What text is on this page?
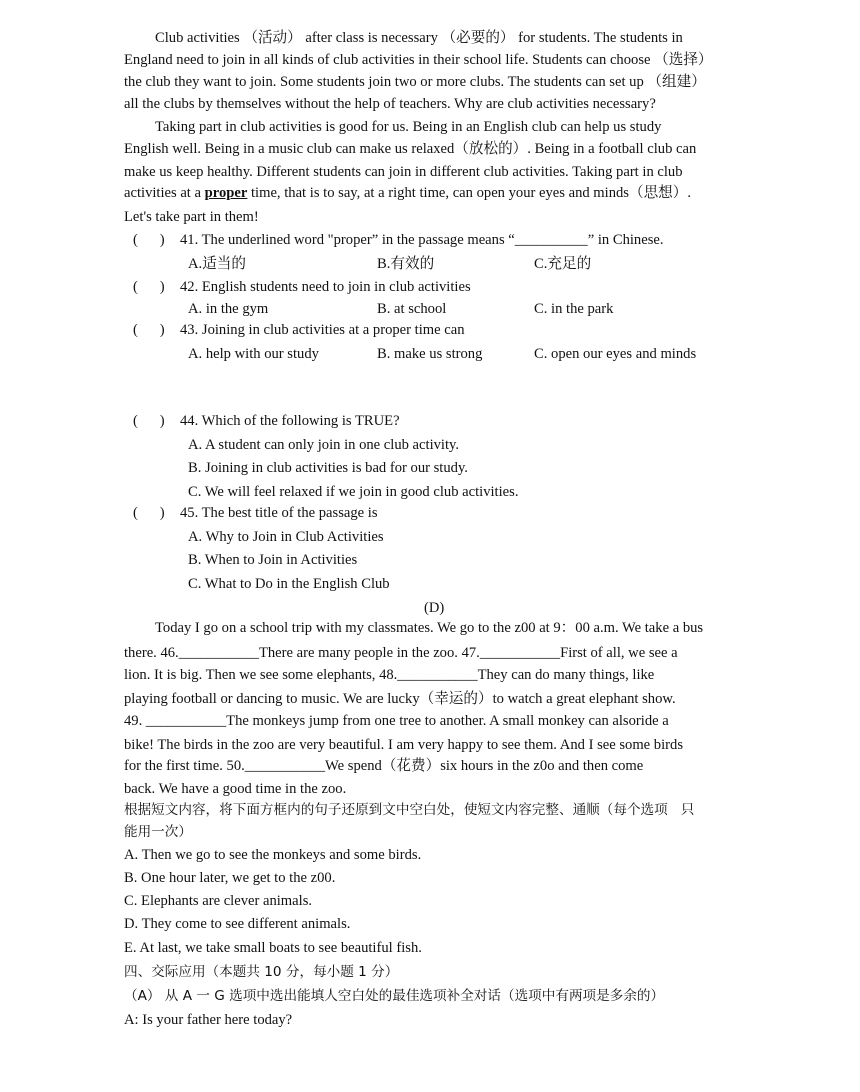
Club activities （活动） after class is necessary （必要的） for students. The students in
England need to join in all kinds of club activities in their school life. Students can choose （选择）
the club they want to join. Some students join two or more clubs. The students can set up （组建）
all the clubs by themselves without the help of teachers. Why are club activities necessary?
Taking part in club activities is good for us. Being in an English club can help us study
English well. Being in a music club can make us relaxed（放松的）. Being in a football club can
make us keep healthy. Different students can join in different club activities. Taking part in club
activities at a proper time, that is to say, at a right time, can open your eyes and minds（思想）.
Let's take part in them!
(      ) 41. The underlined word "proper” in the passage means “__________” in Chinese.
A.适当的	B.有效的	C.充足的
(      ) 42. English students need to join in club activities
A. in the gym	B. at school	C. in the park
(      ) 43. Joining in club activities at a proper time can
A. help with our study	B. make us strong	C. open our eyes and minds
(      ) 44. Which of the following is TRUE?
A. A student can only join in one club activity.
B. Joining in club activities is bad for our study.
C. We will feel relaxed if we join in good club activities.
(      ) 45. The best title of the passage is
A. Why to Join in Club Activities
B. When to Join in Activities
C. What to Do in the English Club
(D)
Today I go on a school trip with my classmates. We go to the z00 at 9：00 a.m. We take a bus
there. 46.___________There are many people in the zoo. 47.___________First of all, we see a
lion. It is big. Then we see some elephants, 48.___________They can do many things, like
playing football or dancing to music. We are lucky（幸运的）to watch a great elephant show.
49. ___________The monkeys jump from one tree to another. A small monkey can alsoride a
bike! The birds in the zoo are very beautiful. I am very happy to see them. And I see some birds
for the first time. 50.___________We spend（花费）six hours in the z0o and then come
back. We have a good time in the zoo.
根据短文内容，将下面方框内的句子还原到文中空白处，使短文内容完整、通顺（每个选项   只
能用一次）
A. Then we go to see the monkeys and some birds.
B. One hour later, we get to the z00.
C. Elephants are clever animals.
D. They come to see different animals.
E. At last, we take small boats to see beautiful fish.
四、交际应用（本题共 10 分，每小题 1 分）
（A） 从 A 一 G 选项中选出能填人空白处的最佳选项补全对话（选项中有两项是多余的）
A: Is your father here today?
